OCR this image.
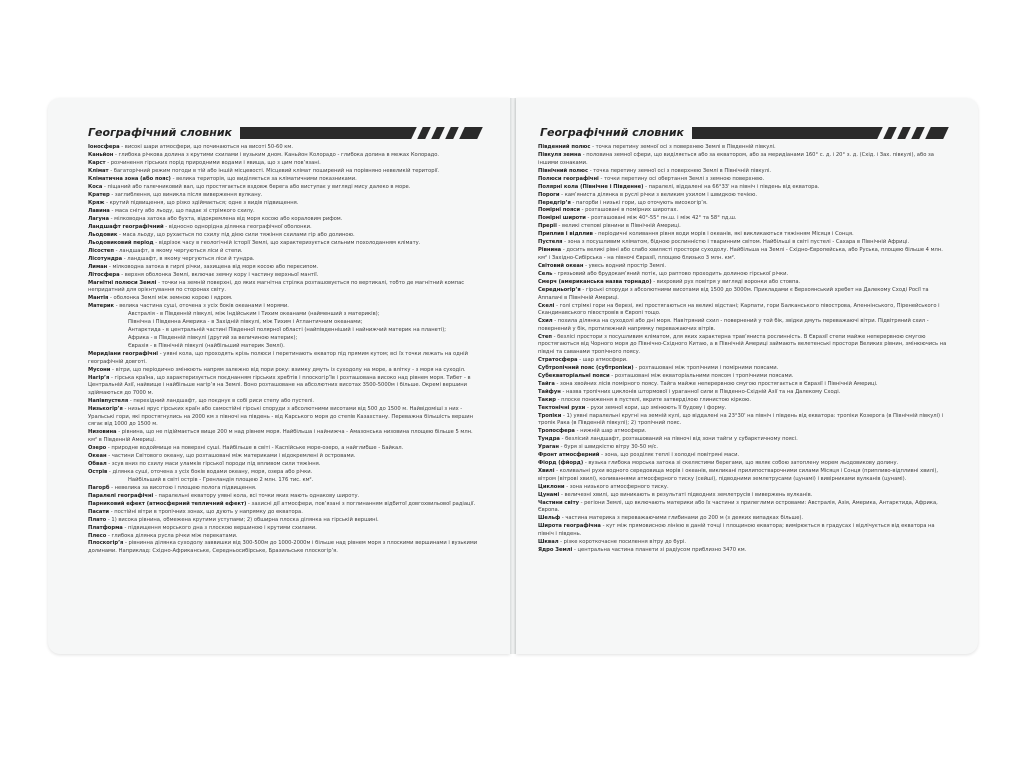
Географічний словник
Іоносфера - високі шари атмосфери, що починаються на висоті 50-60 км.
Каньйон - глибока річкова долина з крутими схилами і вузьким дном. Каньйон Колорадо - глибока долина в межах Колорадо.
Карст - розчинення гірських порід природними водами і явища, що з цим пов’язані.
Клімат - багаторічний режим погоди в тій або іншій місцевості. Місцевий клімат поширений на порівняно невеликій території.
Кліматична зона (або пояс) - велика територія, що виділяється за кліматичними показниками.
Коса - піщаний або галечниковий вал, що простягається вздовж берега або виступає у вигляді мису далеко в море.
Кратер - заглиблення, що виникла після виверження вулкану.
Кряж - крутий підвищення, що різко здіймається; одне з видів підвищення.
Лавина - маса снігу або льоду, що падає зі стрімкого схилу.
Лагуна - мілководна затока або бухта, відокремлена від моря косою або кораловим рифом.
Ландшафт географічний - відносно однорідна ділянка географічної оболонки.
Льодовик - маса льоду, що рухається по схилу під дією сили тяжіння схилами гір або долиною.
Льодовиковий період - відрізок часу в геологічній історії Землі, що характеризується сильним похолоданням клімату.
Лісостеп - ландшафт, в якому чергуються ліси й степи.
Лісотундра - ландшафт, в якому чергуються ліси й тундра.
Лиман - мілководна затока в гирлі річки, захищена від моря косою або пересипом.
Літосфера - верхня оболонка Землі, включає земну кору і частину верхньої мантії.
Магнітні полюси Землі - точки на земній поверхні, до яких магнітна стрілка розташовується по вертикалі, тобто де магнітний компас непридатний для орієнтування по сторонах світу.
Мантія - оболонка Землі між земною корою і ядром.
Материк - велика частина суші, оточена з усіх боків океанами і морями.
Австралія - в Південній півкулі, між Індійським і Тихим океанами (найменший з материків);
Північна і Південна Америка - в Західній півкулі, між Тихим і Атлантичним океанами;
Антарктида - в центральній частині Південної полярної області (найпівденніший і найнижчий материк на планеті);
Африка - в Південній півкулі (другий за величиною материк);
Євразія - в Північній півкулі (найбільший материк Землі).
Меридіани географічні - уявні кола, що проходять крізь полюси і перетинають екватор під прямим кутом; всі їх точки лежать на одній географічній довготі.
Мусони - вітри, що періодично змінюють напрям залежно від пори року: взимку дмуть із суходолу на море, а влітку - з моря на суходіл.
Нагір’я - гірська країна, що характеризується поєднанням гірських хребтів і плоскогір’їв і розташована високо над рівнем моря. Тибет - в Центральній Азії, найвище і найбільше нагір’я на Землі. Воно розташоване на абсолютних висотах 3500-5000м і більше. Окремі вершини здіймаються до 7000 м.
Напівпустеля - перехідний ландшафт, що поєднує в собі риси степу або пустелі.
Низькогір’я - низькі ярус гірських країн або самостійні гірські споруди з абсолютними висотами від 500 до 1500 м. Найвідоміші з них - Уральські гори, які простягнулись на 2000 км з півночі на південь - від Карського моря до степів Казахстану. Переважна більшість вершин сягає від 1000 до 1500 м.
Низовина - рівнина, що не підіймається вище 200 м над рівнем моря. Найбільша і найнижча - Амазонська низовина площею більше 5 млн. км² в Південній Америці.
Озеро - природне водоймище на поверхні суші. Найбільше в світі - Каспійське море-озеро, а найглибше - Байкал.
Океан - частини Світового океану, що розташовані між материками і відокремлені й островами.
Обвал - зсув вниз по схилу маси уламків гірської породи під впливом сили тяжіння.
Острів - ділянка суші, оточена з усіх боків водами океану, моря, озера або річки.
Найбільший в світі острів - Гренландія площею 2 млн. 176 тис. км².
Пагорб - невелика за висотою і площею полога підвищення.
Паралелі географічні - паралельні екватору уявні кола, всі точки яких мають однакову широту.
Парниковий ефект (атмосферний тепличний ефект) - захисні дії атмосфери, пов’язані з поглинанням відбитої довгохвильової радіації.
Пасати - постійні вітри в тропічних зонах, що дують у напрямку до екватора.
Плато - 1) висока рівнина, обмежена крутими уступами; 2) обширна плоска ділянка на гірській вершині.
Платформа - підвищення морського дна з плоскою вершиною і крутими схилами.
Плесо - глибока ділянка русла річки між перекатами.
Плоскогір’я - рівнинна ділянка суходолу заввишки від 300-500м до 1000-2000м і більше над рівнем моря з плоскими вершинами і вузькими долинами. Наприклад: Східно-Африканське, Середньосибірське, Бразильське плоскогір’я.
Географічний словник
Південний полюс - точка перетину земної осі з поверхнею Землі в Південній півкулі.
Півкуля земна - половина земної сфери, що виділяється або за екватором, або за меридіанами 160° с. д. і 20° з. д. (Схід. і Зах. півкулі), або за іншими ознаками.
Північний полюс - точка перетину земної осі з поверхнею Землі в Північній півкулі.
Полюси географічні - точки перетину осі обертання Землі з земною поверхнею.
Полярні кола (Північне і Південне) - паралелі, віддалені на 66°33' на північ і південь від екватора.
Пороги - кам’яниста ділянка в руслі річки з великим ухилом і швидкою течією.
Передгір’я - пагорби і низькі гори, що оточують високогір’я.
Помірні пояси - розташовані в помірних широтах.
Помірні широти - розташовані між 40°-55° пн.ш. і між 42° та 58° пд.ш.
Прерії - великі степові рівнини в Північній Америці.
Приплив і відплив - періодичні коливання рівня води морів і океанів, які викликаються тяжінням Місяця і Сонця.
Пустеля - зона з посушливим кліматом, бідною рослинністю і тваринним світом. Найбільші в світі пустелі - Сахара в Північній Африці.
Рівнина - досить великі рівні або слабо хвилясті простори суходолу. Найбільша на Землі - Східно-Європейська, або Руська, площею більше 4 млн. км² і Західно-Сибірська - на півночі Євразії, площею близько 3 млн. км².
Світовий океан - увесь водний простір Землі.
Сель - грязьовий або брудокам’яний потік, що раптово проходить долиною гірської річки.
Смерч (американська назва торнадо) - вихровий рух повітря у вигляді воронки або стовпа.
Середньогір’я - гірські споруди з абсолютними висотами від 1500 до 3000м. Прикладами є Верхоянський хребет на Далекому Сході Росії та Аппалачі в Північній Америці.
Скелі - голі стрімкі гори на березі, які простягаються на великі відстані; Карпати, гори Балканського півострова, Апеннінського, Піренейського і Скандинавського півостровів в Європі тощо.
Схил - похила ділянка на суходолі або дні моря. Навітряний схил - повернений у той бік, звідки дмуть переважаючі вітри. Підвітряний схил - повернений у бік, протилежний напрямку переважаючих вітрів.
Степ - безлісі простори з посушливим кліматом, для яких характерна трав’яниста рослинність. В Євразії степи майже неперервною смугою простягаються від Чорного моря до Північно-Східного Китаю, а в Північній Америці займають велетенські простори Великих рівнин, змінюючись на півдні та саванами тропічного поясу.
Стратосфера - шар атмосфери.
Субтропічний пояс (субтропіки) - розташовані між тропічними і помірними поясами.
Субекваторіальні пояси - розташовані між екваторіальними поясом і тропічними поясами.
Тайга - зона хвойних лісів помірного поясу. Тайга майже неперервною смугою простягається в Євразії і Північній Америці.
Тайфун - назва тропічних циклонів штормової і ураганної сили в Південно-Східній Азії та на Далекому Сході.
Такир - плоске пониження в пустелі, вкрите затверділою глинистою кіркою.
Тектонічні рухи - рухи земної кори, що змінюють її будову і форму.
Тропіки - 1) уявні паралельні кругні на земній кулі, що віддалені на 23°30' на північ і південь від екватора: тропіки Козерога (в Північній півкулі) і тропік Рака (в Південній півкулі); 2) тропічний пояс.
Тропосфера - нижній шар атмосфери.
Тундра - безлісий ландшафт, розташований на півночі від зони тайги у субарктичному поясі.
Ураган - буря зі швидкістю вітру 30-50 м/с.
Фронт атмосферний - зона, що розділяє теплі і холодні повітряні маси.
Фіорд (фйорд) - вузька глибока морська затока зі скелястими берегами, що являє собою затоплену морем льодовикову долину.
Хвилі - коливальні рухи водного середовища морів і океанів, викликані прилипостварочними силами Місяця і Сонця (припливо-відпливні хвилі), вітром (вітрові хвилі), коливаннями атмосферного тиску (сейші), підводними землетрусами (цунамі) і вивірниками вулканів (цунамі).
Циклони - зона низького атмосферного тиску.
Цунамі - величезні хвилі, що виникають в результаті підводних землетрусів і вивержень вулканів.
Частини світу - регіони Землі, що включають материки або їх частини з прилеглими островами: Австралія, Азія, Америка, Антарктида, Африка, Європа.
Шельф - частина материка з переважаючими глибинами до 200 м (з деяких випадках більше).
Широта географічна - кут між прямовисною лінією в даній точці і площиною екватора; вимірюється в градусах і відлічується від екватора на північ і південь.
Шквал - різке короткочасне посилення вітру до бурі.
Ядро Землі - центральна частина планети зі радіусом приблизно 3470 км.
